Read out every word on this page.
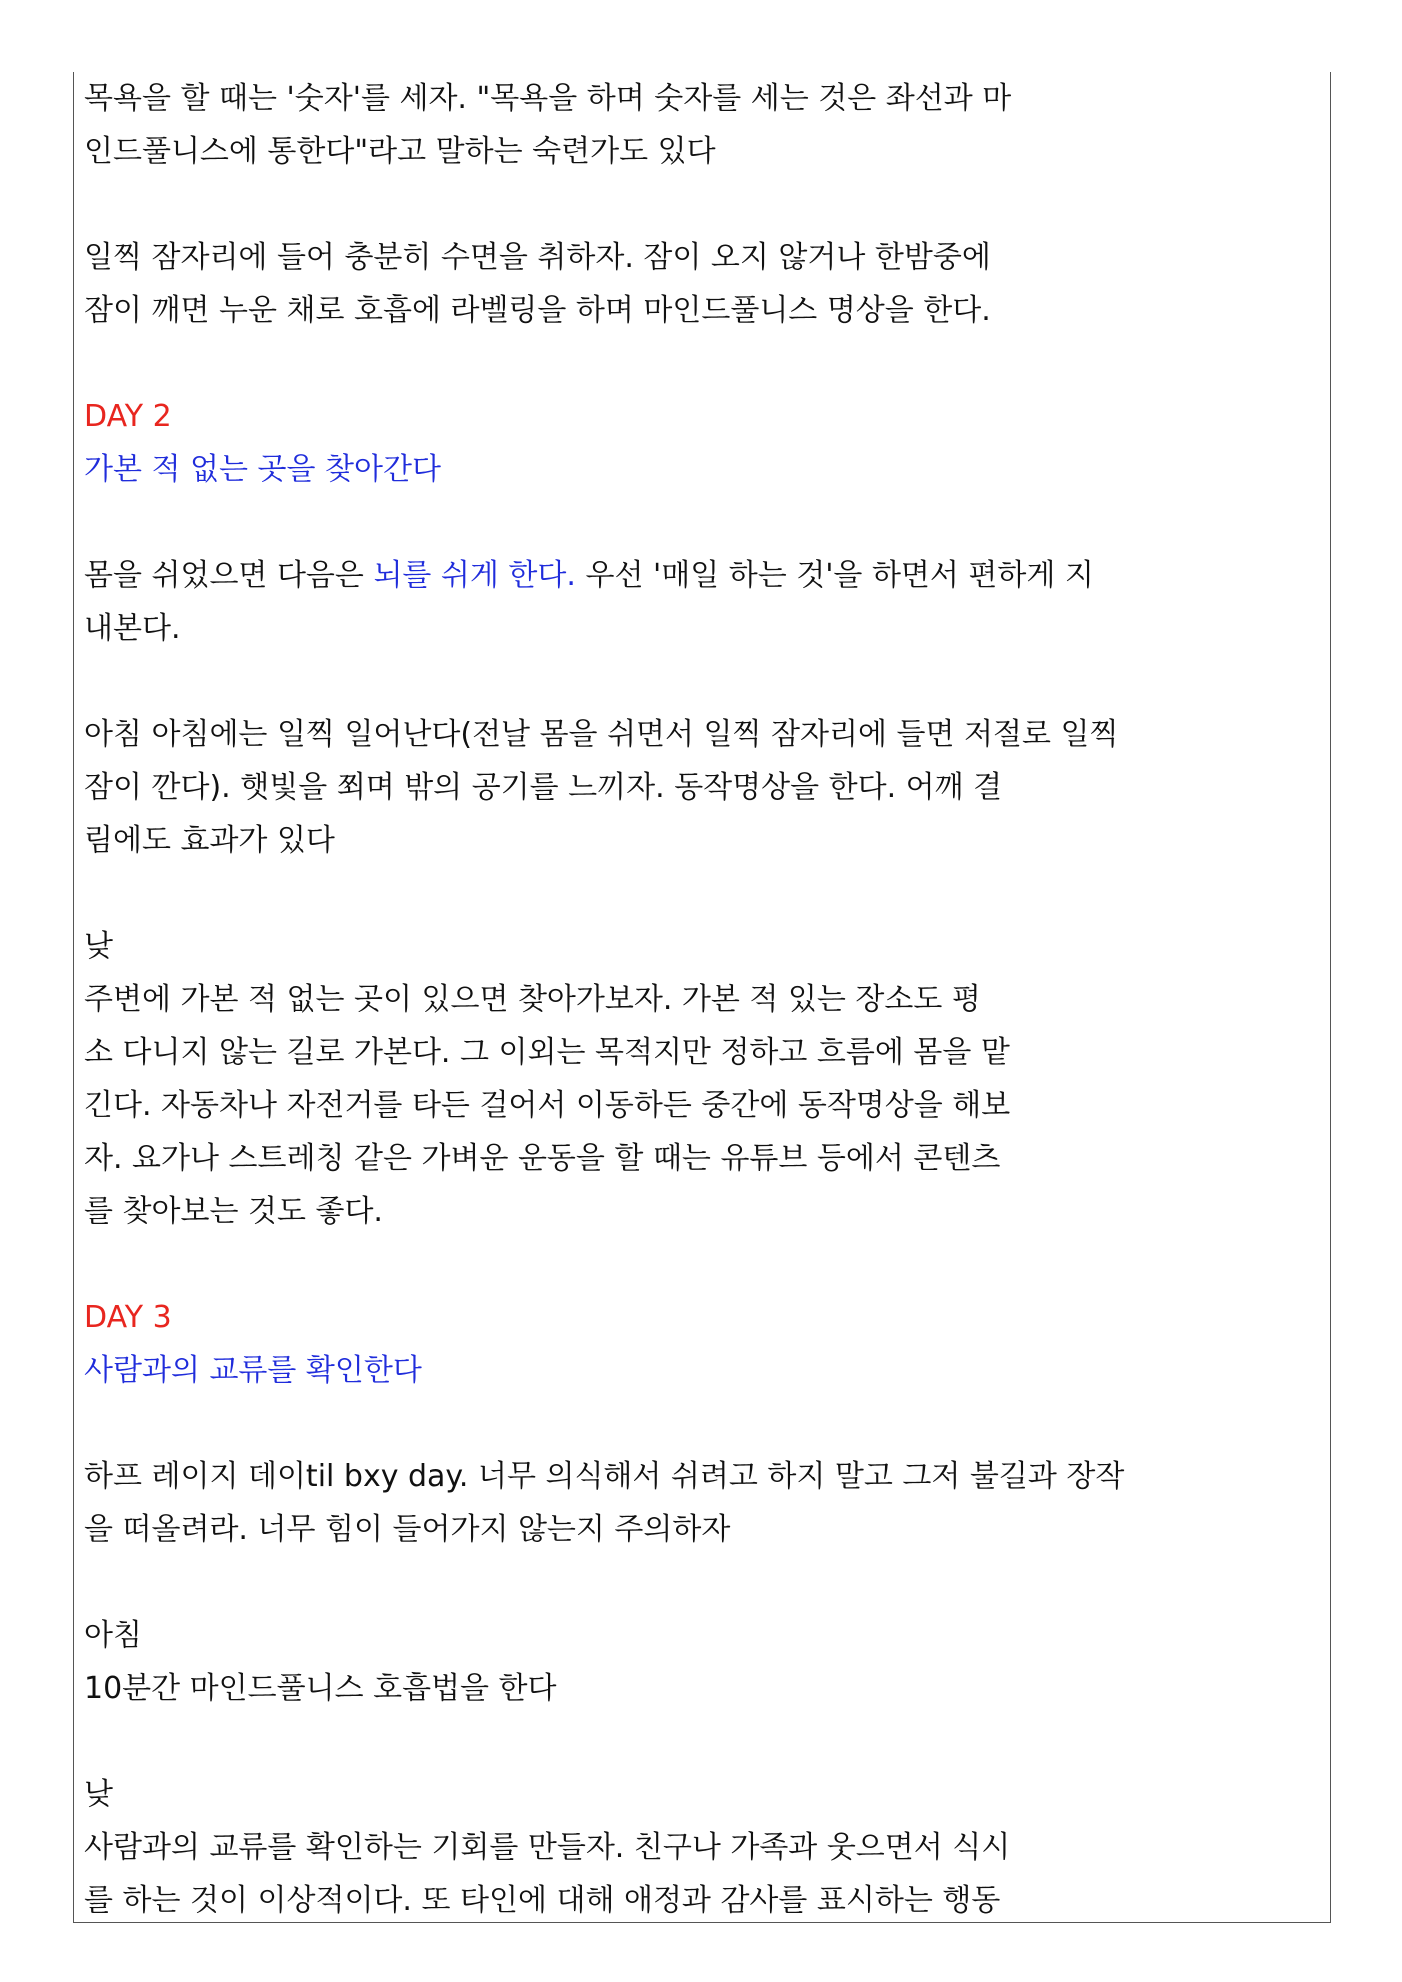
목욕을 할 때는 '숫자'를 세자. "목욕을 하며 숫자를 세는 것은 좌선과 마
인드풀니스에 통한다"라고 말하는 숙련가도 있다
일찍 잠자리에 들어 충분히 수면을 취하자. 잠이 오지 않거나 한밤중에
잠이 깨면 누운 채로 호흡에 라벨링을 하며 마인드풀니스 명상을 한다.
DAY 2
가본 적 없는 곳을 찾아간다
몸을 쉬었으면 다음은 뇌를 쉬게 한다. 우선 '매일 하는 것'을 하면서 편하게 지
내본다.
아침 아침에는 일찍 일어난다(전날 몸을 쉬면서 일찍 잠자리에 들면 저절로 일찍
잠이 깐다). 햇빛을 쬐며 밖의 공기를 느끼자. 동작명상을 한다. 어깨 결
림에도 효과가 있다
낮
주변에 가본 적 없는 곳이 있으면 찾아가보자. 가본 적 있는 장소도 평
소 다니지 않는 길로 가본다. 그 이외는 목적지만 정하고 흐름에 몸을 맡
긴다. 자동차나 자전거를 타든 걸어서 이동하든 중간에 동작명상을 해보
자. 요가나 스트레칭 같은 가벼운 운동을 할 때는 유튜브 등에서 콘텐츠
를 찾아보는 것도 좋다.
DAY 3
사람과의 교류를 확인한다
하프 레이지 데이til bxy day. 너무 의식해서 쉬려고 하지 말고 그저 불길과 장작
을 떠올려라. 너무 힘이 들어가지 않는지 주의하자
아침
10분간 마인드풀니스 호흡법을 한다
낮
사람과의 교류를 확인하는 기회를 만들자. 친구나 가족과 웃으면서 식시
를 하는 것이 이상적이다. 또 타인에 대해 애정과 감사를 표시하는 행동
